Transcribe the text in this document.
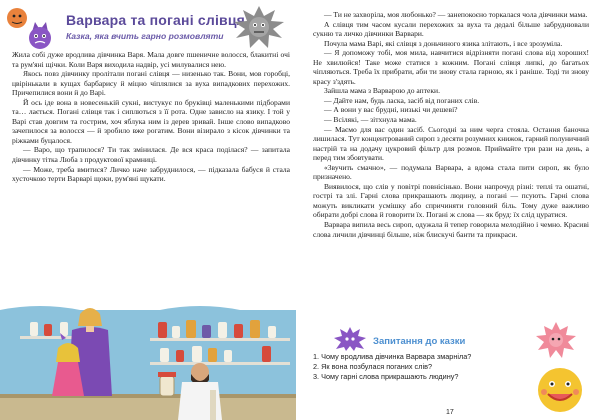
Варвара та погані слівця
Казка, яка вчить гарно розмовляти

Жила собі дуже вродлива дівчинка Варя. Мала довге пшеничне волосся, блакитні очі та рум'яні щічки. Коли Варя виходила надвір, усі милувалися нею.

Якось повз дівчинку пролітали погані слівця — низенько так. Вони, мов горобці, цвірінькали в кущах барбарису й міцно чіплялися за вуха випадкових перехожих. Причепилися вони й до Варі.

Й ось іде вона в новесенькій сукні, вистукує по бруківці маленькими підборами та… лається. Погані слівця так і сиплються з її рота. Одне зависло на язику. І той у Варі став довгим та гострим, хоч яблука ним із дерев зривай. Інше слово випадково зачепилося за волосся — й зробило вже рогатим. Вони візирало з кісок дівчинки та ріжками буцалося.

— Варо, що трапилося? Ти так змінилася. Де вся краса поділася? — запитала дівчинку тітка Люба з продуктової крамниці.

— Може, треба вмитися? Личко наче забруднилося, — підказала бабуся й стала хусточкою терти Варварі щоки, рум'яні щукати.

— Ти не захворіла, моя любонько? — занепокоєно торкалася чола дівчинки мама.

А слівця тим часом кусали перехожих за вуха та дедалі більше забруднювали сукню та личко дівчинки Варвари.

Почула мама Варі, які слівця з доньчиного язика злітають, і все зрозуміла.

— Я допоможу тобі, моя мила, навчитися відрізняти погані слова від хороших! Не хвилюйся! Таке може статися з кожним. Погані слівця липкі, до багатьох чіпляються. Треба їх прибрати, аби ти знову стала гарною, як і раніше. Тоді ти знову красу з'здять.

Зайшла мама з Варварою до аптеки.

— Дайте нам, будь ласка, засіб від поганих слів.

— А вони у вас бруднi, низькі чи дешеві?

— Всілякі, — зітхнула мама.

— Маємо для вас один засіб. Сьогодні за ним черга стояла. Остання баночка лишилася. Тут концентрований сироп з десяти розумних книжок, гарний полуничний настрій та на додачу цукровий фільтр для розмов. Приймайте три рази на день, а перед тим збовтувати.

«Звучить смачно», — подумала Варвара, а вдома стала пити сироп, як було призначено.

Виявилося, що слів у повітрі повнісінько. Вони напрочуд різні: теплі та ошатні, гострі та злі. Гарні слова прикрашають людину, а погані — псують. Гарні слова можуть викликати усмішку або спричиняти головний біль. Тому дуже важливо обирати добрі слова й говорити їх. Погані ж слова — як бруд: їх слід цуратися.

Варвара випила весь сироп, одужала й тепер говорила мелодійно і чемно. Красиві слова личили дівчинці більше, ніж блискучі банти та прикраси.

Запитання до казки
1. Чому вродлива дівчинка Варвара змарніла?
2. Як вона позбулася поганих слів?
3. Чому гарні слова прикрашають людину?
17
